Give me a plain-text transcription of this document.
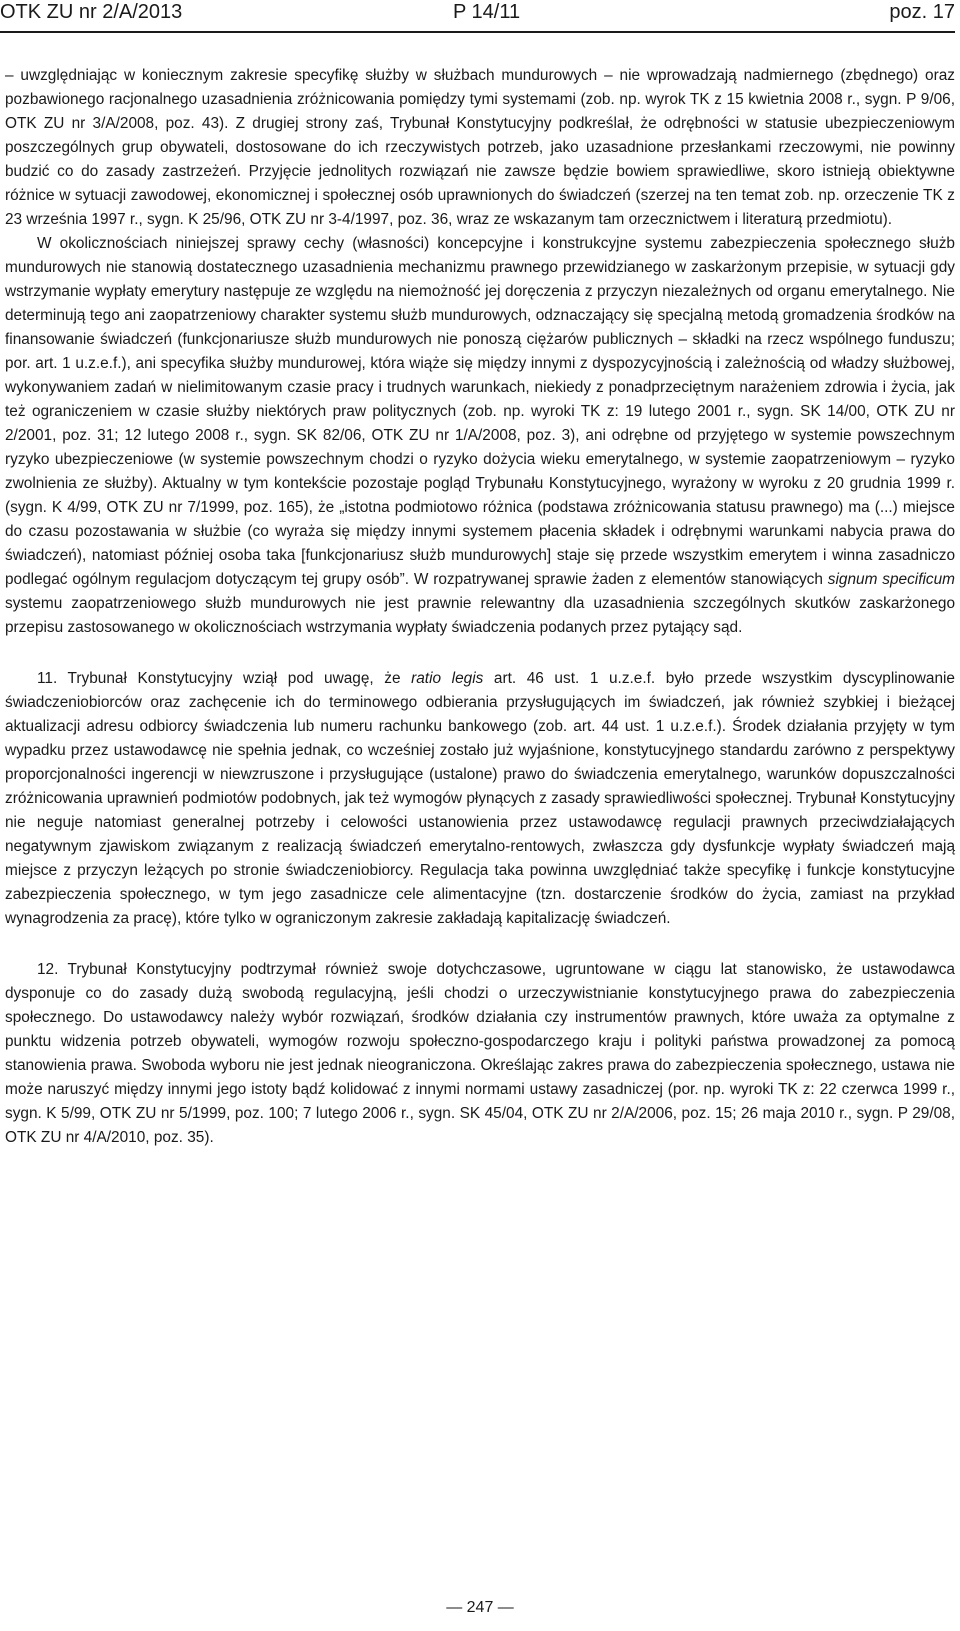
OTK ZU nr 2/A/2013	P 14/11	poz. 17

– uwzględniając w koniecznym zakresie specyfikę służby w służbach mundurowych – nie wprowadzają nadmiernego (zbędnego) oraz pozbawionego racjonalnego uzasadnienia zróżnicowania pomiędzy tymi systemami (zob. np. wyrok TK z 15 kwietnia 2008 r., sygn. P 9/06, OTK ZU nr 3/A/2008, poz. 43). Z drugiej strony zaś, Trybunał Konstytucyjny podkreślał, że odrębności w statusie ubezpieczeniowym poszczególnych grup obywateli, dostosowane do ich rzeczywistych potrzeb, jako uzasadnione przesłankami rzeczowymi, nie powinny budzić co do zasady zastrzeżeń. Przyjęcie jednolitych rozwiązań nie zawsze będzie bowiem sprawiedliwe, skoro istnieją obiektywne różnice w sytuacji zawodowej, ekonomicznej i społecznej osób uprawnionych do świadczeń (szerzej na ten temat zob. np. orzeczenie TK z 23 września 1997 r., sygn. K 25/96, OTK ZU nr 3-4/1997, poz. 36, wraz ze wskazanym tam orzecznictwem i literaturą przedmiotu).

W okolicznościach niniejszej sprawy cechy (własności) koncepcyjne i konstrukcyjne systemu zabezpieczenia społecznego służb mundurowych nie stanowią dostatecznego uzasadnienia mechanizmu prawnego przewidzianego w zaskarżonym przepisie, w sytuacji gdy wstrzymanie wypłaty emerytury następuje ze względu na niemożność jej doręczenia z przyczyn niezależnych od organu emerytalnego. Nie determinują tego ani zaopatrzeniowy charakter systemu służb mundurowych, odznaczający się specjalną metodą gromadzenia środków na finansowanie świadczeń (funkcjonariusze służb mundurowych nie ponoszą ciężarów publicznych – składki na rzecz wspólnego funduszu; por. art. 1 u.z.e.f.), ani specyfika służby mundurowej, która wiąże się między innymi z dyspozycyjnością i zależnością od władzy służbowej, wykonywaniem zadań w nielimitowanym czasie pracy i trudnych warunkach, niekiedy z ponadprzeciętnym narażeniem zdrowia i życia, jak też ograniczeniem w czasie służby niektórych praw politycznych (zob. np. wyroki TK z: 19 lutego 2001 r., sygn. SK 14/00, OTK ZU nr 2/2001, poz. 31; 12 lutego 2008 r., sygn. SK 82/06, OTK ZU nr 1/A/2008, poz. 3), ani odrębne od przyjętego w systemie powszechnym ryzyko ubezpieczeniowe (w systemie powszechnym chodzi o ryzyko dożycia wieku emerytalnego, w systemie zaopatrzeniowym – ryzyko zwolnienia ze służby). Aktualny w tym kontekście pozostaje pogląd Trybunału Konstytucyjnego, wyrażony w wyroku z 20 grudnia 1999 r. (sygn. K 4/99, OTK ZU nr 7/1999, poz. 165), że „istotna podmiotowo różnica (podstawa zróżnicowania statusu prawnego) ma (...) miejsce do czasu pozostawania w służbie (co wyraża się między innymi systemem płacenia składek i odrębnymi warunkami nabycia prawa do świadczeń), natomiast później osoba taka [funkcjonariusz służb mundurowych] staje się przede wszystkim emerytem i winna zasadniczo podlegać ogólnym regulacjom dotyczącym tej grupy osób”. W rozpatrywanej sprawie żaden z elementów stanowiących signum specificum systemu zaopatrzeniowego służb mundurowych nie jest prawnie relewantny dla uzasadnienia szczególnych skutków zaskarżonego przepisu zastosowanego w okolicznościach wstrzymania wypłaty świadczenia podanych przez pytający sąd.

11. Trybunał Konstytucyjny wziął pod uwagę, że ratio legis art. 46 ust. 1 u.z.e.f. było przede wszystkim dyscyplinowanie świadczeniobiorców oraz zachęcenie ich do terminowego odbierania przysługujących im świadczeń, jak również szybkiej i bieżącej aktualizacji adresu odbiorcy świadczenia lub numeru rachunku bankowego (zob. art. 44 ust. 1 u.z.e.f.). Środek działania przyjęty w tym wypadku przez ustawodawcę nie spełnia jednak, co wcześniej zostało już wyjaśnione, konstytucyjnego standardu zarówno z perspektywy proporcjonalności ingerencji w niewzruszone i przysługujące (ustalone) prawo do świadczenia emerytalnego, warunków dopuszczalności zróżnicowania uprawnień podmiotów podobnych, jak też wymogów płynących z zasady sprawiedliwości społecznej. Trybunał Konstytucyjny nie neguje natomiast generalnej potrzeby i celowości ustanowienia przez ustawodawcę regulacji prawnych przeciwdziałających negatywnym zjawiskom związanym z realizacją świadczeń emerytalno-rentowych, zwłaszcza gdy dysfunkcje wypłaty świadczeń mają miejsce z przyczyn leżących po stronie świadczeniobiorcy. Regulacja taka powinna uwzględniać także specyfikę i funkcje konstytucyjne zabezpieczenia społecznego, w tym jego zasadnicze cele alimentacyjne (tzn. dostarczenie środków do życia, zamiast na przykład wynagrodzenia za pracę), które tylko w ograniczonym zakresie zakładają kapitalizację świadczeń.

12. Trybunał Konstytucyjny podtrzymał również swoje dotychczasowe, ugruntowane w ciągu lat stanowisko, że ustawodawca dysponuje co do zasady dużą swobodą regulacyjną, jeśli chodzi o urzeczywistnianie konstytucyjnego prawa do zabezpieczenia społecznego. Do ustawodawcy należy wybór rozwiązań, środków działania czy instrumentów prawnych, które uważa za optymalne z punktu widzenia potrzeb obywateli, wymogów rozwoju społeczno-gospodarczego kraju i polityki państwa prowadzonej za pomocą stanowienia prawa. Swoboda wyboru nie jest jednak nieograniczona. Określając zakres prawa do zabezpieczenia społecznego, ustawa nie może naruszyć między innymi jego istoty bądź kolidować z innymi normami ustawy zasadniczej (por. np. wyroki TK z: 22 czerwca 1999 r., sygn. K 5/99, OTK ZU nr 5/1999, poz. 100; 7 lutego 2006 r., sygn. SK 45/04, OTK ZU nr 2/A/2006, poz. 15; 26 maja 2010 r., sygn. P 29/08, OTK ZU nr 4/A/2010, poz. 35).

— 247 —
